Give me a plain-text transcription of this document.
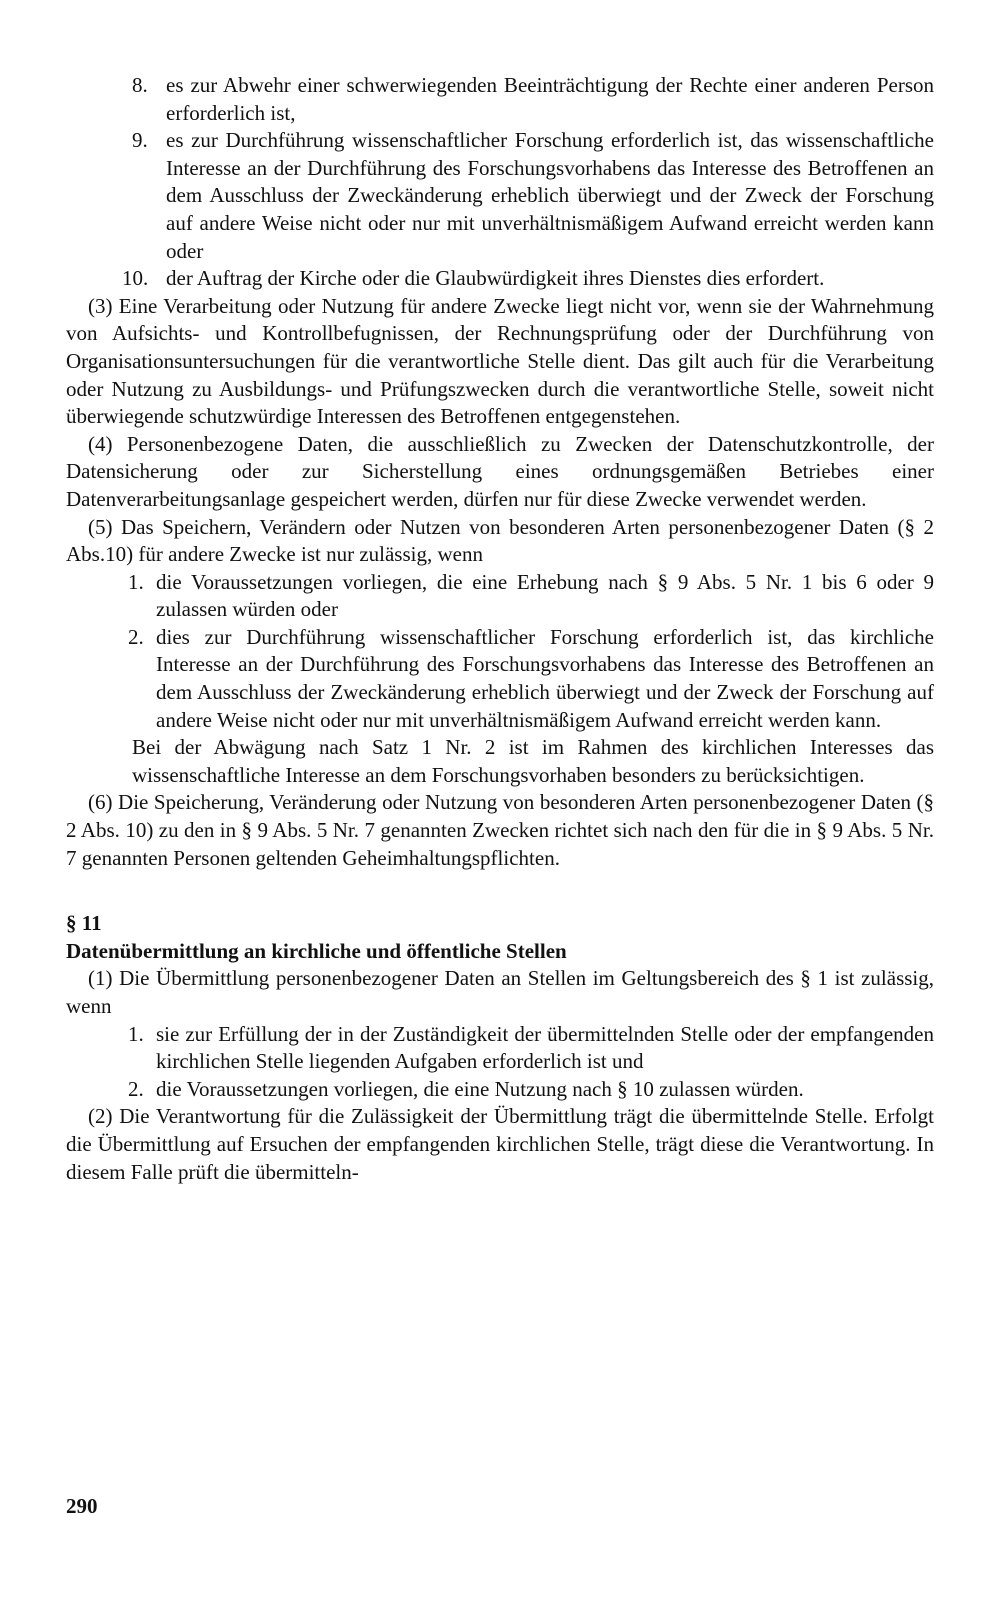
8. es zur Abwehr einer schwerwiegenden Beeinträchtigung der Rechte einer anderen Person erforderlich ist,
9. es zur Durchführung wissenschaftlicher Forschung erforderlich ist, das wissenschaftliche Interesse an der Durchführung des Forschungsvorhabens das Interesse des Betroffenen an dem Ausschluss der Zweckänderung erheblich überwiegt und der Zweck der Forschung auf andere Weise nicht oder nur mit unverhältnismäßigem Aufwand erreicht werden kann oder
10. der Auftrag der Kirche oder die Glaubwürdigkeit ihres Dienstes dies erfordert.

(3) Eine Verarbeitung oder Nutzung für andere Zwecke liegt nicht vor, wenn sie der Wahrnehmung von Aufsichts- und Kontrollbefugnissen, der Rechnungsprüfung oder der Durchführung von Organisationsuntersuchungen für die verantwortliche Stelle dient. Das gilt auch für die Verarbeitung oder Nutzung zu Ausbildungs- und Prüfungszwecken durch die verantwortliche Stelle, soweit nicht überwiegende schutzwürdige Interessen des Betroffenen entgegenstehen.

(4) Personenbezogene Daten, die ausschließlich zu Zwecken der Datenschutzkontrolle, der Datensicherung oder zur Sicherstellung eines ordnungsgemäßen Betriebes einer Datenverarbeitungsanlage gespeichert werden, dürfen nur für diese Zwecke verwendet werden.

(5) Das Speichern, Verändern oder Nutzen von besonderen Arten personenbezogener Daten (§ 2 Abs.10) für andere Zwecke ist nur zulässig, wenn

1. die Voraussetzungen vorliegen, die eine Erhebung nach § 9 Abs. 5 Nr. 1 bis 6 oder 9 zulassen würden oder
2. dies zur Durchführung wissenschaftlicher Forschung erforderlich ist, das kirchliche Interesse an der Durchführung des Forschungsvorhabens das Interesse des Betroffenen an dem Ausschluss der Zweckänderung erheblich überwiegt und der Zweck der Forschung auf andere Weise nicht oder nur mit unverhältnismäßigem Aufwand erreicht werden kann.

Bei der Abwägung nach Satz 1 Nr. 2 ist im Rahmen des kirchlichen Interesses das wissenschaftliche Interesse an dem Forschungsvorhaben besonders zu berücksichtigen.

(6) Die Speicherung, Veränderung oder Nutzung von besonderen Arten personenbezogener Daten (§ 2 Abs. 10) zu den in § 9 Abs. 5 Nr. 7 genannten Zwecken richtet sich nach den für die in § 9 Abs. 5 Nr. 7 genannten Personen geltenden Geheimhaltungspflichten.

§ 11

Datenübermittlung an kirchliche und öffentliche Stellen

(1) Die Übermittlung personenbezogener Daten an Stellen im Geltungsbereich des § 1 ist zulässig, wenn

1. sie zur Erfüllung der in der Zuständigkeit der übermittelnden Stelle oder der empfangenden kirchlichen Stelle liegenden Aufgaben erforderlich ist und
2. die Voraussetzungen vorliegen, die eine Nutzung nach § 10 zulassen würden.

(2) Die Verantwortung für die Zulässigkeit der Übermittlung trägt die übermittelnde Stelle. Erfolgt die Übermittlung auf Ersuchen der empfangenden kirchlichen Stelle, trägt diese die Verantwortung. In diesem Falle prüft die übermitteln-

290
